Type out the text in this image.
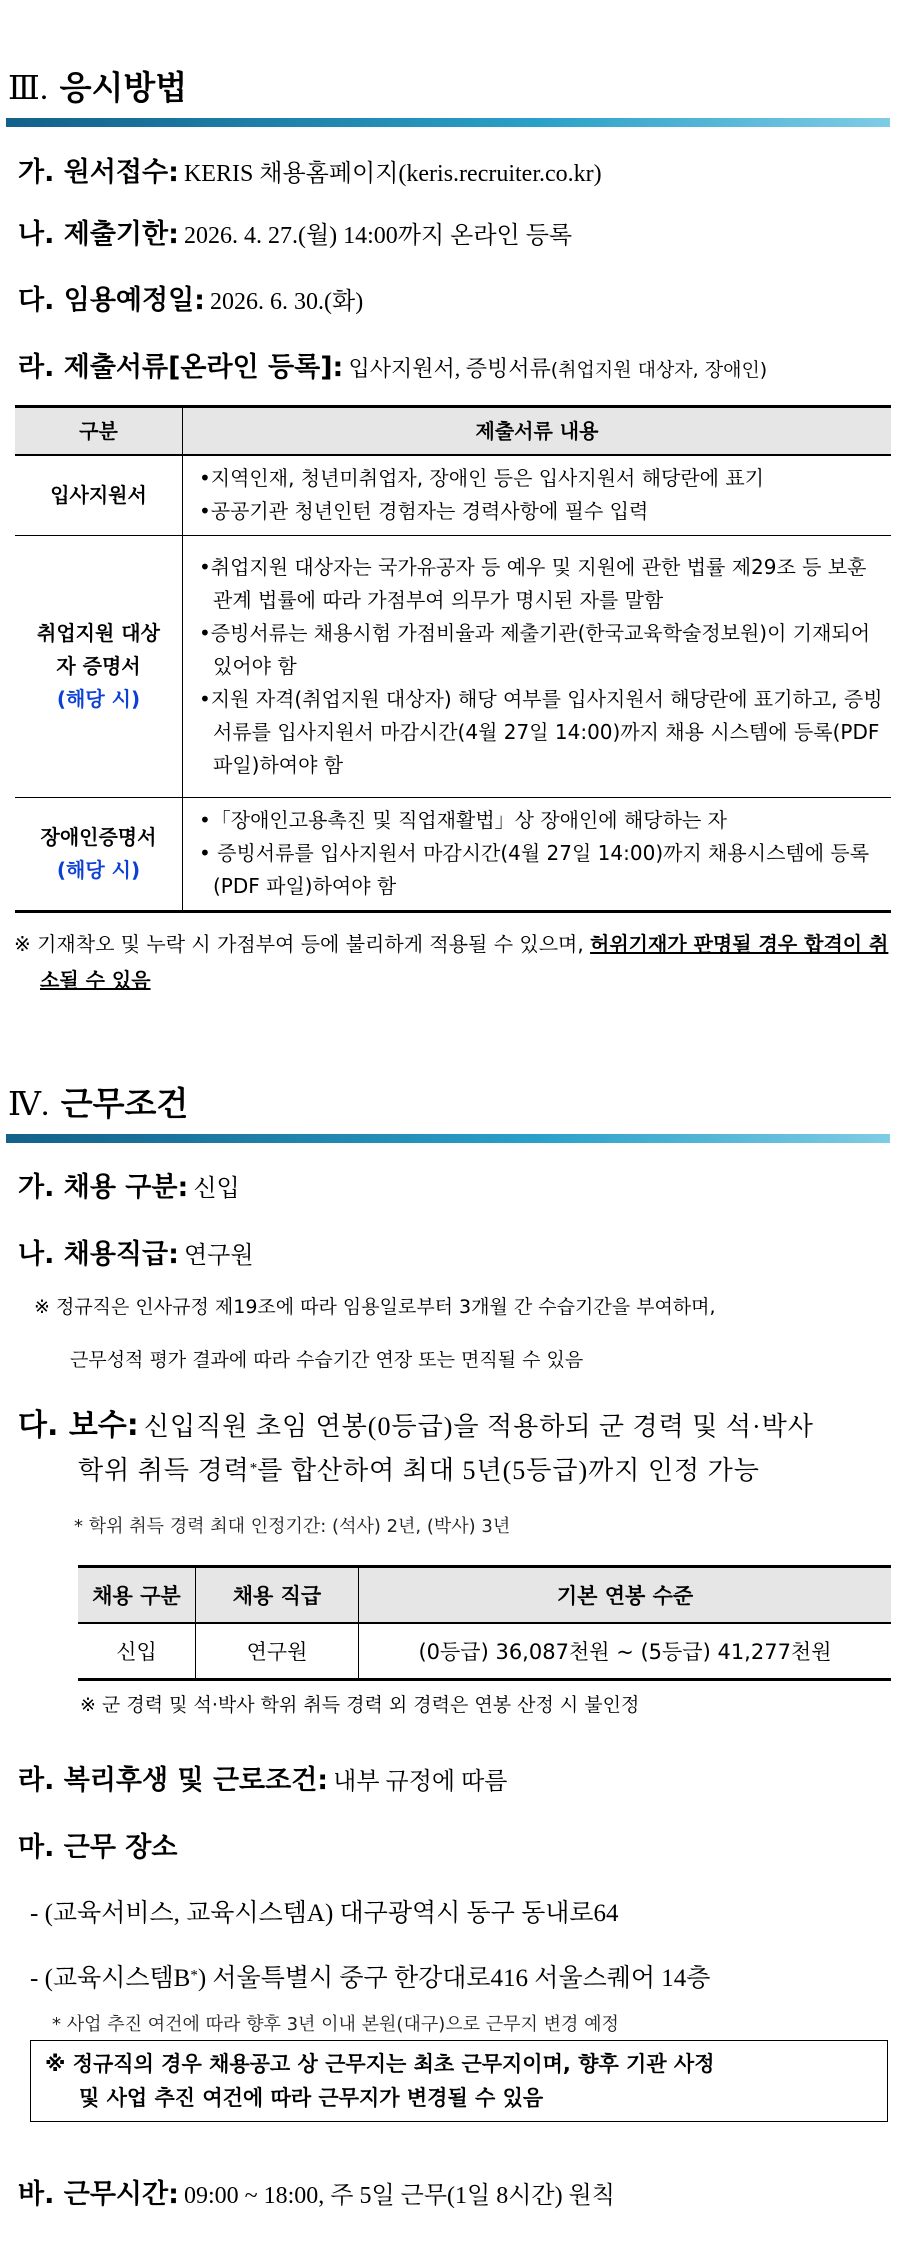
Ⅲ. 응시방법
가. 원서접수: KERIS 채용홈페이지(keris.recruiter.co.kr)
나. 제출기한: 2026. 4. 27.(월) 14:00까지 온라인 등록
다. 임용예정일: 2026. 6. 30.(화)
라. 제출서류[온라인 등록]: 입사지원서, 증빙서류(취업지원 대상자, 장애인)
구분	제출서류 내용
입사지원서	•지역인재, 청년미취업자, 장애인 등은 입사지원서 해당란에 표기
•공공기관 청년인턴 경험자는 경력사항에 필수 입력

취업지원 대상자 증명서
(해당 시)	•취업지원 대상자는 국가유공자 등 예우 및 지원에 관한 법률 제29조 등 보훈 관계 법률에 따라 가점부여 의무가 명시된 자를 말함
•증빙서류는 채용시험 가점비율과 제출기관(한국교육학술정보원)이 기재되어 있어야 함
•지원 자격(취업지원 대상자) 해당 여부를 입사지원서 해당란에 표기하고, 증빙서류를 입사지원서 마감시간(4월 27일 14:00)까지 채용 시스템에 등록(PDF 파일)하여야 함

장애인증명서
(해당 시)	•「장애인고용촉진 및 직업재활법」상 장애인에 해당하는 자
• 증빙서류를 입사지원서 마감시간(4월 27일 14:00)까지 채용시스템에 등록(PDF 파일)하여야 함
※ 기재착오 및 누락 시 가점부여 등에 불리하게 적용될 수 있으며, 허위기재가 판명될 경우 합격이 취소될 수 있음
Ⅳ. 근무조건
가. 채용 구분: 신입
나. 채용직급: 연구원
※ 정규직은 인사규정 제19조에 따라 임용일로부터 3개월 간 수습기간을 부여하며,
근무성적 평가 결과에 따라 수습기간 연장 또는 면직될 수 있음
다. 보수: 신입직원 초임 연봉(0등급)을 적용하되 군 경력 및 석·박사
학위 취득 경력*를 합산하여 최대 5년(5등급)까지 인정 가능
* 학위 취득 경력 최대 인정기간: (석사) 2년, (박사) 3년
채용 구분	채용 직급	기본 연봉 수준
신입	연구원	(0등급) 36,087천원 ~ (5등급) 41,277천원
※ 군 경력 및 석·박사 학위 취득 경력 외 경력은 연봉 산정 시 불인정
라. 복리후생 및 근로조건: 내부 규정에 따름
마. 근무 장소
- (교육서비스, 교육시스템A) 대구광역시 동구 동내로64
- (교육시스템B*) 서울특별시 중구 한강대로416 서울스퀘어 14층
* 사업 추진 여건에 따라 향후 3년 이내 본원(대구)으로 근무지 변경 예정
※ 정규직의 경우 채용공고 상 근무지는 최초 근무지이며, 향후 기관 사정
및 사업 추진 여건에 따라 근무지가 변경될 수 있음
바. 근무시간: 09:00 ~ 18:00, 주 5일 근무(1일 8시간) 원칙
